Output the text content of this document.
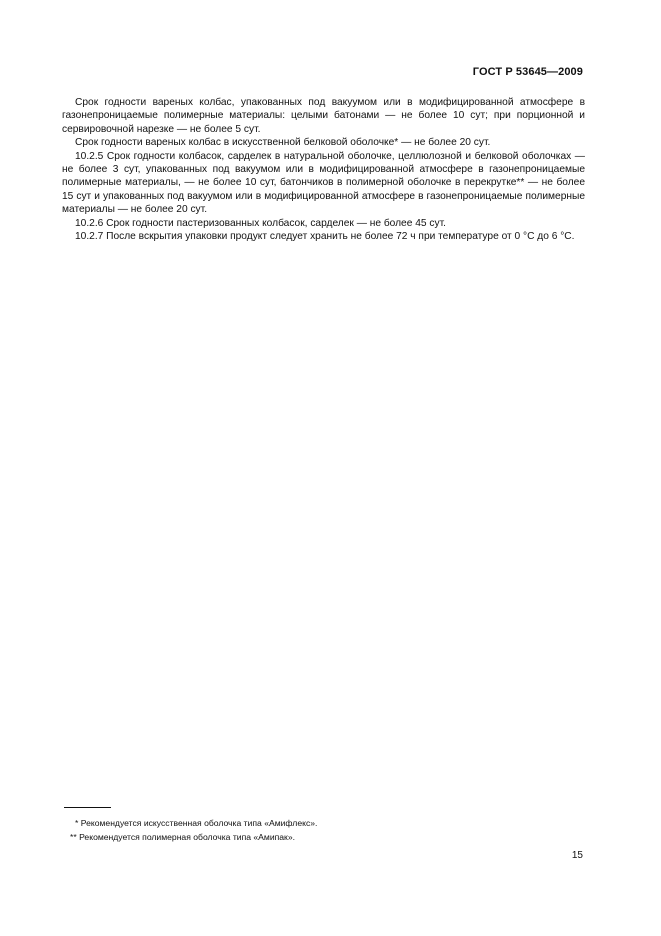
ГОСТ Р 53645—2009

Срок годности вареных колбас, упакованных под вакуумом или в модифицированной атмосфере в газонепроницаемые полимерные материалы: целыми батонами — не более 10 сут; при порционной и сервировочной нарезке — не более 5 сут.

Срок годности вареных колбас в искусственной белковой оболочке* — не более 20 сут.

10.2.5 Срок годности колбасок, сарделек в натуральной оболочке, целлюлозной и белковой оболочках — не более 3 сут, упакованных под вакуумом или в модифицированной атмосфере в газонепроницаемые полимерные материалы, — не более 10 сут, батончиков в полимерной оболочке в перекрутке** — не более 15 сут и упакованных под вакуумом или в модифицированной атмосфере в газонепроницаемые полимерные материалы — не более 20 сут.

10.2.6 Срок годности пастеризованных колбасок, сарделек — не более 45 сут.

10.2.7 После вскрытия упаковки продукт следует хранить не более 72 ч при температуре от 0 °C до 6 °C.

* Рекомендуется искусственная оболочка типа «Амифлекс».

** Рекомендуется полимерная оболочка типа «Амипак».

15
